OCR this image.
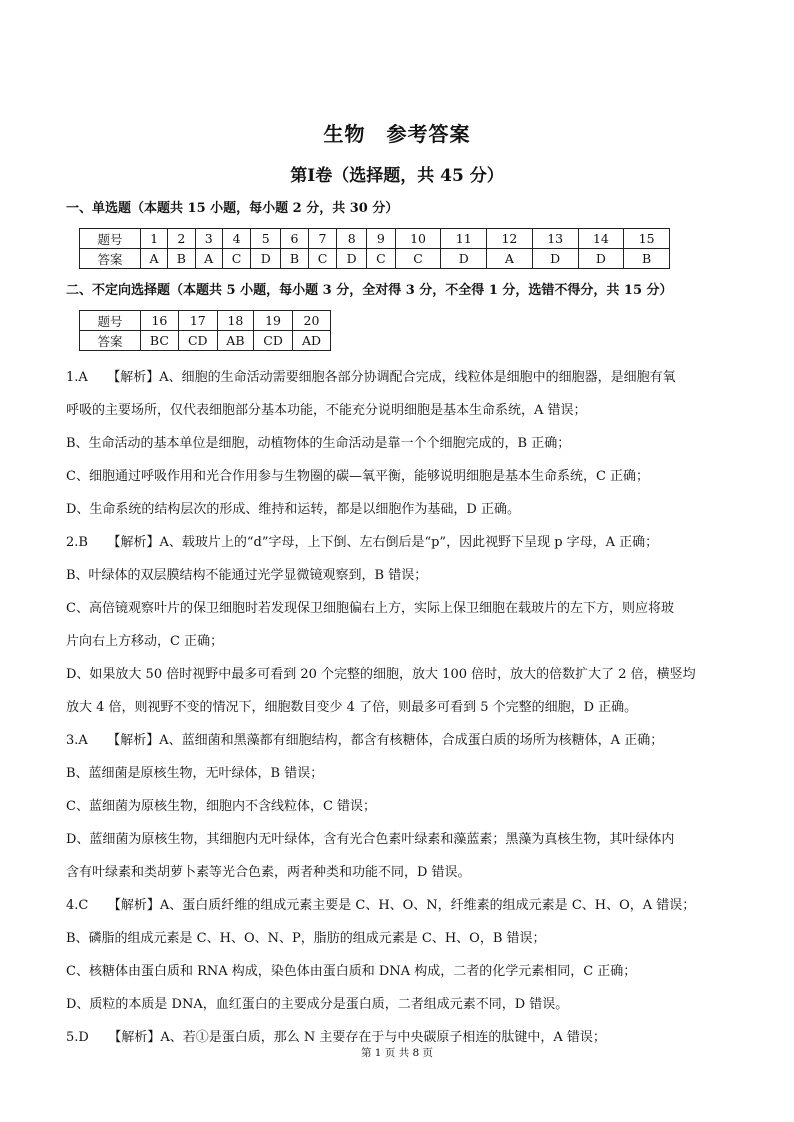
生物　参考答案
第Ⅰ卷（选择题，共 45 分）
一、单选题（本题共 15 小题，每小题 2 分，共 30 分）
题号	1	2	3	4	5	6	7	8	9	10	11	12	13	14	15
答案	A	B	A	C	D	B	C	D	C	C	D	A	D	D	B
二、不定向选择题（本题共 5 小题，每小题 3 分，全对得 3 分，不全得 1 分，选错不得分，共 15 分）
题号	16	17	18	19	20
答案	BC	CD	AB	CD	AD

1.A　　【解析】A、细胞的生命活动需要细胞各部分协调配合完成，线粒体是细胞中的细胞器，是细胞有氧

呼吸的主要场所，仅代表细胞部分基本功能，不能充分说明细胞是基本生命系统，A 错误；

B、生命活动的基本单位是细胞，动植物体的生命活动是靠一个个细胞完成的，B 正确；

C、细胞通过呼吸作用和光合作用参与生物圈的碳—氧平衡，能够说明细胞是基本生命系统，C 正确；

D、生命系统的结构层次的形成、维持和运转，都是以细胞作为基础，D 正确。

2.B　　【解析】A、载玻片上的“d”字母，上下倒、左右倒后是“p”，因此视野下呈现 p 字母，A 正确；

B、叶绿体的双层膜结构不能通过光学显微镜观察到，B 错误；

C、高倍镜观察叶片的保卫细胞时若发现保卫细胞偏右上方，实际上保卫细胞在载玻片的左下方，则应将玻

片向右上方移动，C 正确；

D、如果放大 50 倍时视野中最多可看到 20 个完整的细胞，放大 100 倍时，放大的倍数扩大了 2 倍，横竖均

放大 4 倍，则视野不变的情况下，细胞数目变少 4 了倍，则最多可看到 5 个完整的细胞，D 正确。

3.A　　【解析】A、蓝细菌和黑藻都有细胞结构，都含有核糖体，合成蛋白质的场所为核糖体，A 正确；

B、蓝细菌是原核生物，无叶绿体，B 错误；

C、蓝细菌为原核生物，细胞内不含线粒体，C 错误；

D、蓝细菌为原核生物，其细胞内无叶绿体，含有光合色素叶绿素和藻蓝素；黑藻为真核生物，其叶绿体内

含有叶绿素和类胡萝卜素等光合色素，两者种类和功能不同，D 错误。

4.C　　【解析】A、蛋白质纤维的组成元素主要是 C、H、O、N，纤维素的组成元素是 C、H、O，A 错误；

B、磷脂的组成元素是 C、H、O、N、P，脂肪的组成元素是 C、H、O，B 错误；

C、核糖体由蛋白质和 RNA 构成，染色体由蛋白质和 DNA 构成，二者的化学元素相同，C 正确；

D、质粒的本质是 DNA，血红蛋白的主要成分是蛋白质，二者组成元素不同，D 错误。

5.D　　【解析】A、若①是蛋白质，那么 N 主要存在于与中央碳原子相连的肽键中，A 错误；

第 1 页 共 8 页
